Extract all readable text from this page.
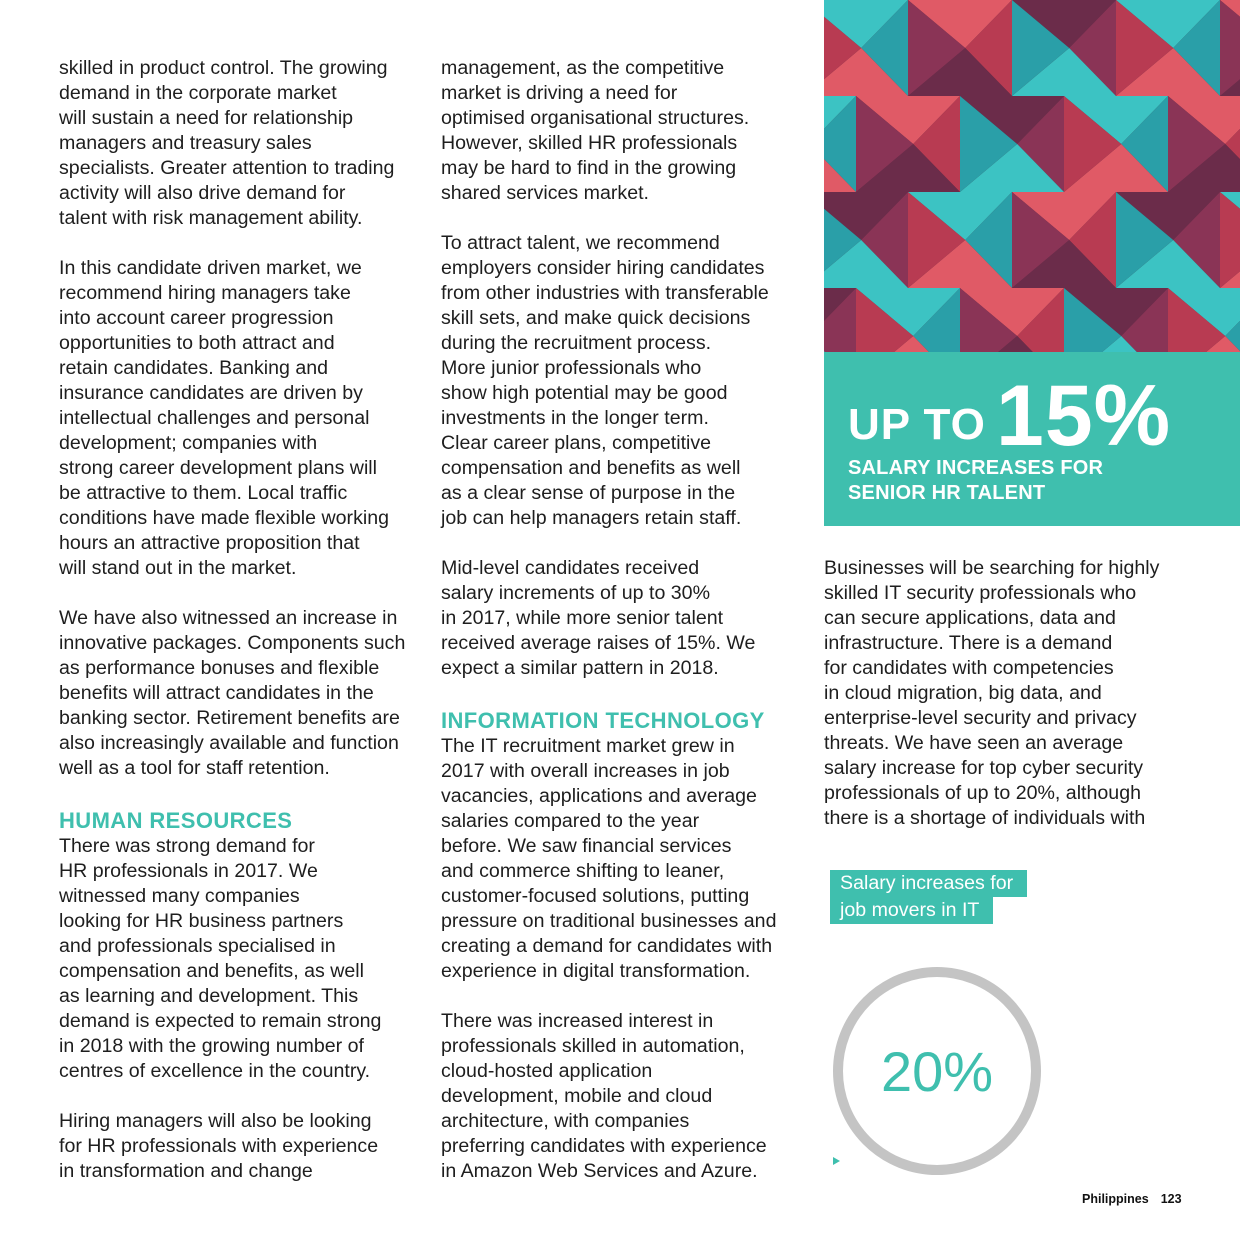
skilled in product control. The growing
demand in the corporate market
will sustain a need for relationship
managers and treasury sales
specialists. Greater attention to trading
activity will also drive demand for
talent with risk management ability.
In this candidate driven market, we
recommend hiring managers take
into account career progression
opportunities to both attract and
retain candidates. Banking and
insurance candidates are driven by
intellectual challenges and personal
development; companies with
strong career development plans will
be attractive to them. Local traffic
conditions have made flexible working
hours an attractive proposition that
will stand out in the market.
We have also witnessed an increase in
innovative packages. Components such
as performance bonuses and flexible
benefits will attract candidates in the
banking sector. Retirement benefits are
also increasingly available and function
well as a tool for staff retention.
HUMAN RESOURCES
There was strong demand for
HR professionals in 2017. We
witnessed many companies
looking for HR business partners
and professionals specialised in
compensation and benefits, as well
as learning and development. This
demand is expected to remain strong
in 2018 with the growing number of
centres of excellence in the country.
Hiring managers will also be looking
for HR professionals with experience
in transformation and change
management, as the competitive
market is driving a need for
optimised organisational structures.
However, skilled HR professionals
may be hard to find in the growing
shared services market.
To attract talent, we recommend
employers consider hiring candidates
from other industries with transferable
skill sets, and make quick decisions
during the recruitment process.
More junior professionals who
show high potential may be good
investments in the longer term.
Clear career plans, competitive
compensation and benefits as well
as a clear sense of purpose in the
job can help managers retain staff.
Mid-level candidates received
salary increments of up to 30%
in 2017, while more senior talent
received average raises of 15%. We
expect a similar pattern in 2018.
INFORMATION TECHNOLOGY
The IT recruitment market grew in
2017 with overall increases in job
vacancies, applications and average
salaries compared to the year
before. We saw financial services
and commerce shifting to leaner,
customer-focused solutions, putting
pressure on traditional businesses and
creating a demand for candidates with
experience in digital transformation.
There was increased interest in
professionals skilled in automation,
cloud-hosted application
development, mobile and cloud
architecture, with companies
preferring candidates with experience
in Amazon Web Services and Azure.
UP TO 15%
SALARY INCREASES FOR
SENIOR HR TALENT
Businesses will be searching for highly
skilled IT security professionals who
can secure applications, data and
infrastructure. There is a demand
for candidates with competencies
in cloud migration, big data, and
enterprise-level security and privacy
threats. We have seen an average
salary increase for top cyber security
professionals of up to 20%, although
there is a shortage of individuals with
Salary increases for
job movers in IT
20%
Philippines 123
